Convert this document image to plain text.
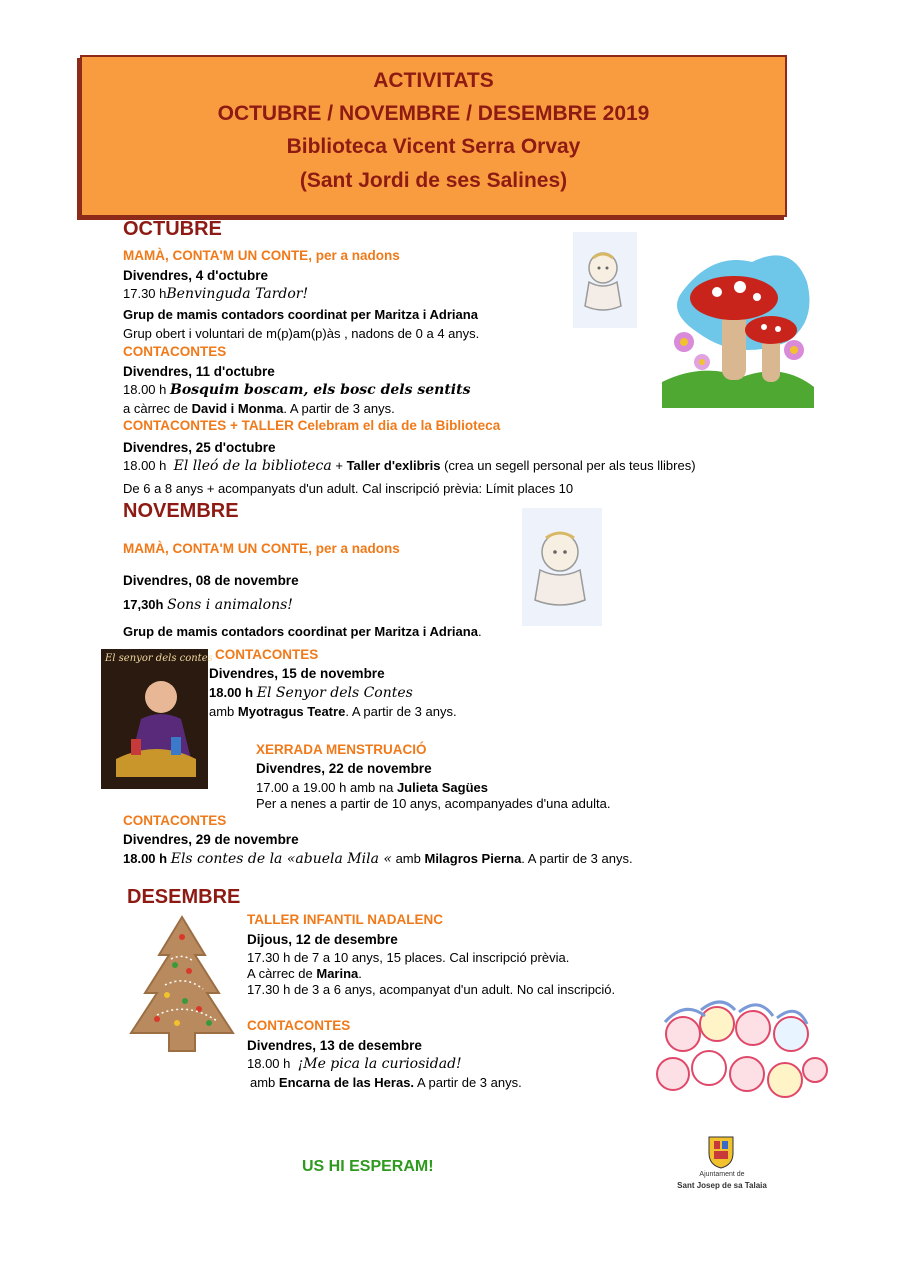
ACTIVITATS
OCTUBRE / NOVEMBRE / DESEMBRE 2019
Biblioteca Vicent Serra Orvay
(Sant Jordi de ses Salines)
OCTUBRE
MAMÀ, CONTA'M UN CONTE, per a nadons
Divendres, 4 d'octubre
17.30 hBenvinguda Tardor!
Grup de mamis contadors coordinat per Maritza i Adriana
Grup obert i voluntari de m(p)am(p)às , nadons de 0 a 4 anys.
CONTACONTES
Divendres, 11 d'octubre
18.00 h Bosquim boscam, els bosc dels sentits
a càrrec de David i Monma. A partir de 3 anys.
CONTACONTES + TALLER Celebram el dia de la Biblioteca
Divendres, 25 d'octubre
18.00 h El lleó de la biblioteca + Taller d'exlibris (crea un segell personal per als teus llibres)
De 6 a 8 anys + acompanyats d'un adult. Cal inscripció prèvia: Límit places 10
NOVEMBRE
MAMÀ, CONTA'M UN CONTE, per a nadons
Divendres, 08 de novembre
17,30h Sons i animalons!
Grup de mamis contadors coordinat per Maritza i Adriana.
El senyor dels contes CONTACONTES
Divendres, 15 de novembre
18.00 h El Senyor dels Contes
amb Myotragus Teatre. A partir de 3 anys.
XERRADA MENSTRUACIÓ
Divendres, 22 de novembre
17.00 a 19.00 h amb na Julieta Sagües
Per a nenes a partir de 10 anys, acompanyades d'una adulta.
CONTACONTES
Divendres, 29 de novembre
18.00 h Els contes de la «abuela Mila « amb Milagros Pierna. A partir de 3 anys.
DESEMBRE
TALLER INFANTIL NADALENC
Dijous, 12 de desembre
17.30 h de 7 a 10 anys, 15 places. Cal inscripció prèvia.
A càrrec de Marina.
17.30 h de 3 a 6 anys, acompanyat d'un adult. No cal inscripció.
CONTACONTES
Divendres, 13 de desembre
18.00 h ¡Me pica la curiosidad!
amb Encarna de las Heras. A partir de 3 anys.
US HI ESPERAM!	Ajuntament de
Sant Josep de sa Talaia
